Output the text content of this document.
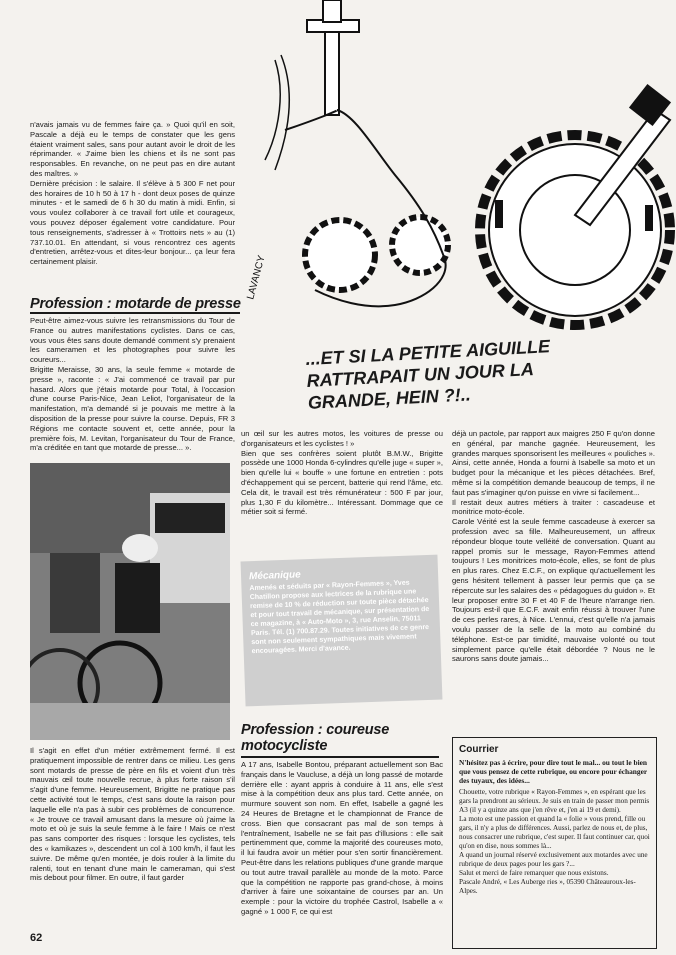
n'avais jamais vu de femmes faire ça. » Quoi qu'il en soit, Pascale a déjà eu le temps de constater que les gens étaient vraiment sales, sans pour autant avoir le droit de les réprimander. « J'aime bien les chiens et ils ne sont pas responsables. En revanche, on ne peut pas en dire autant des maîtres. »

Dernière précision : le salaire. Il s'élève à 5 300 F net pour des horaires de 10 h 50 à 17 h - dont deux poses de quinze minutes - et le samedi de 6 h 30 du matin à midi. Enfin, si vous voulez collaborer à ce travail fort utile et courageux, vous pouvez déposer également votre candidature. Pour tous renseignements, s'adresser à « Trottoirs nets » au (1) 737.10.01. En attendant, si vous rencontrez ces agents d'entretien, arrêtez-vous et dites-leur bonjour... ça leur fera certainement plaisir.	LAVANCY
...ET SI LA PETITE AIGUILLE
RATTRAPAIT UN JOUR LA
GRANDE, HEIN ?!..
Profession : motarde de presse

Peut-être aimez-vous suivre les retransmissions du Tour de France ou autres manifestations cyclistes. Dans ce cas, vous vous êtes sans doute demandé comment s'y prenaient les cameramen et les photographes pour suivre les coureurs...

Brigitte Meraisse, 30 ans, la seule femme « motarde de presse », raconte : « J'ai commencé ce travail par pur hasard. Alors que j'étais motarde pour Total, à l'occasion d'une course Paris-Nice, Jean Leliot, l'organisateur de la manifestation, m'a demandé si je pouvais me mettre à la disposition de la presse pour suivre la course. Depuis, FR 3 Régions me contacte souvent et, cette année, pour la première fois, M. Levitan, l'organisateur du Tour de France, m'a créditée en tant que motarde de presse... ».

Il s'agit en effet d'un métier extrêmement fermé. Il est pratiquement impossible de rentrer dans ce milieu. Les gens sont motards de presse de père en fils et voient d'un très mauvais œil toute nouvelle recrue, à plus forte raison s'il s'agit d'une femme. Heureusement, Brigitte ne pratique pas cette activité tout le temps, c'est sans doute la raison pour laquelle elle n'a pas à subir ces problèmes de concurrence. « Je trouve ce travail amusant dans la mesure où j'aime la moto et où je suis la seule femme à le faire ! Mais ce n'est pas sans comporter des risques : lorsque les cyclistes, tels des « kamikazes », descendent un col à 100 km/h, il faut les suivre. De même qu'en montée, je dois rouler à la limite du ralenti, tout en tenant d'une main le cameraman, qui s'est mis debout pour filmer. En outre, il faut garder

un œil sur les autres motos, les voitures de presse ou d'organisateurs et les cyclistes ! »

Bien que ses confrères soient plutôt B.M.W., Brigitte possède une 1000 Honda 6-cylindres qu'elle juge « super », bien qu'elle lui « bouffe » une fortune en entretien : pots d'échappement qui se percent, batterie qui rend l'âme, etc. Cela dit, le travail est très rémunérateur : 500 F par jour, plus 1,30 F du kilomètre... Intéressant. Dommage que ce métier soit si fermé.

Mécanique
Amenés et séduits par « Rayon-Femmes », Yves Chatillon propose aux lectrices de la rubrique une remise de 10 % de réduction sur toute pièce détachée et pour tout travail de mécanique, sur présentation de ce magazine, à « Auto-Moto », 3, rue Anselin, 75011 Paris. Tél. (1) 700.87.29. Toutes initiatives de ce genre sont non seulement sympathiques mais vivement encouragées. Merci d'avance.
Profession : coureuse motocycliste

A 17 ans, Isabelle Bontou, préparant actuellement son Bac français dans le Vaucluse, a déjà un long passé de motarde derrière elle : ayant appris à conduire à 11 ans, elle s'est mise à la compétition deux ans plus tard. Cette année, on murmure souvent son nom. En effet, Isabelle a gagné les 24 Heures de Bretagne et le championnat de France de cross. Bien que consacrant pas mal de son temps à l'entraînement, Isabelle ne se fait pas d'illusions : elle sait pertinemment que, comme la majorité des coureuses moto, il lui faudra avoir un métier pour s'en sortir financièrement. Peut-être dans les relations publiques d'une grande marque ou tout autre travail parallèle au monde de la moto. Parce que la compétition ne rapporte pas grand-chose, à moins d'arriver à faire une soixantaine de courses par an. Un exemple : pour la victoire du trophée Castrol, Isabelle a « gagné » 1 000 F, ce qui est

déjà un pactole, par rapport aux maigres 250 F qu'on donne en général, par manche gagnée. Heureusement, les grandes marques sponsorisent les meilleures « pouliches ». Ainsi, cette année, Honda a fourni à Isabelle sa moto et un budget pour la mécanique et les pièces détachées. Bref, même si la compétition demande beaucoup de temps, il ne faut pas s'imaginer qu'on puisse en vivre si facilement...

Il restait deux autres métiers à traiter : cascadeuse et monitrice moto-école.

Carole Vérité est la seule femme cascadeuse à exercer sa profession avec sa fille. Malheureusement, un affreux répondeur bloque toute velléité de conversation. Quant au rappel promis sur le message, Rayon-Femmes attend toujours ! Les monitrices moto-école, elles, se font de plus en plus rares. Chez E.C.F., on explique qu'actuellement les gens hésitent tellement à passer leur permis que ça se répercute sur les salaires des « pédagogues du guidon ». Et leur proposer entre 30 F et 40 F de l'heure n'arrange rien. Toujours est-il que E.C.F. avait enfin réussi à trouver l'une de ces perles rares, à Nice. L'ennui, c'est qu'elle n'a jamais voulu passer de la selle de la moto au combiné du téléphone. Est-ce par timidité, mauvaise volonté ou tout simplement parce qu'elle était débordée ? Nous ne le saurons sans doute jamais...

Courrier
N'hésitez pas à écrire, pour dire tout le mal... ou tout le bien que vous pensez de cette rubrique, ou encore pour échanger des tuyaux, des idées...

Chouette, votre rubrique « Rayon-Femmes », en espérant que les gars la prendront au sérieux. Je suis en train de passer mon permis A3 (il y a quinze ans que j'en rêve et, j'en ai 19 et demi).

La moto est une passion et quand la « folie » vous prend, fille ou gars, il n'y a plus de différences. Aussi, parlez de nous et, de plus, nous consacrer une rubrique, c'est super. Il faut continuer car, quoi qu'on en dise, nous sommes là...

A quand un journal réservé exclusivement aux motardes avec une rubrique de deux pages pour les gars ?...

Salut et merci de faire remarquer que nous existons.

Pascale André, « Les Auberge ries », 05390 Châteauroux-les-Alpes.

62
